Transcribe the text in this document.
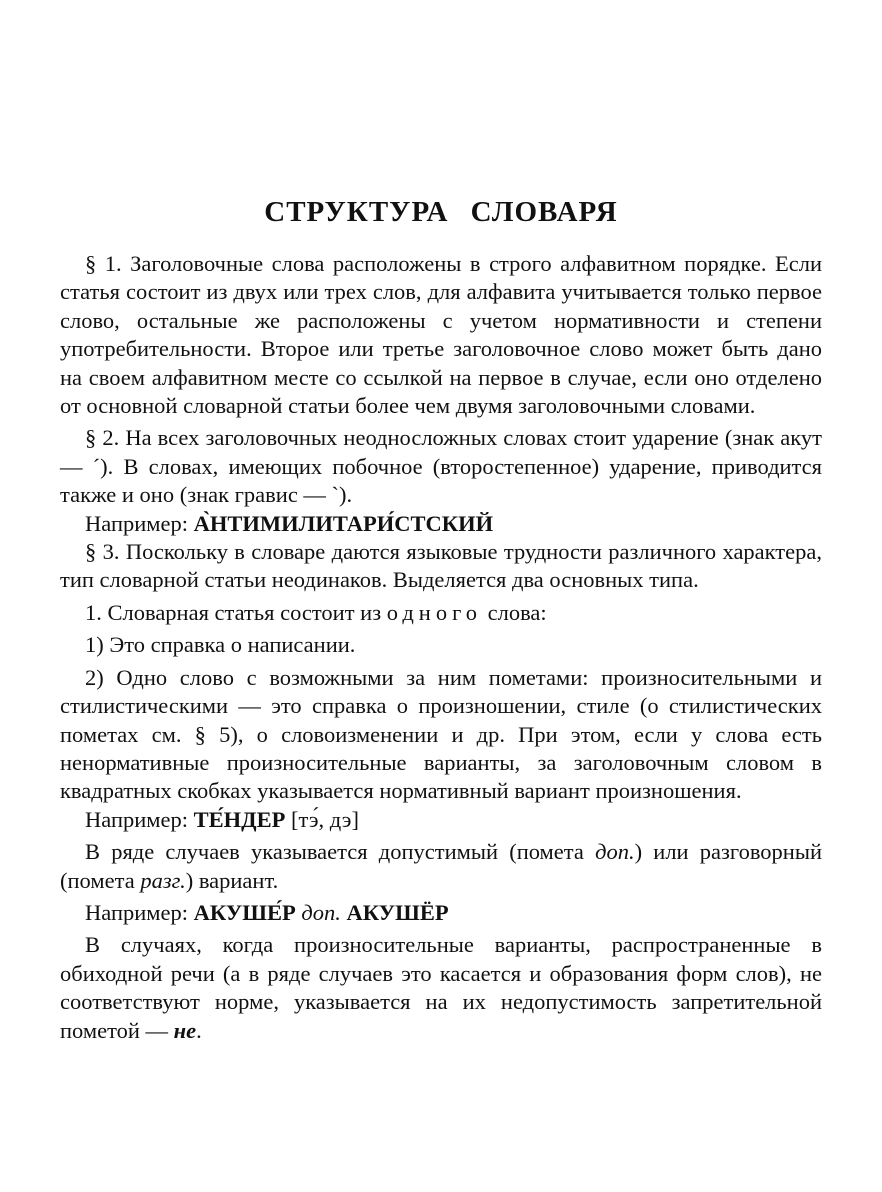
СТРУКТУРА СЛОВАРЯ

§ 1. Заголовочные слова расположены в строго алфавитном порядке. Если статья состоит из двух или трех слов, для алфавита учитывается только первое слово, остальные же расположены с учетом нормативности и степени употребительности. Второе или третье заголовочное слово может быть дано на своем алфавитном месте со ссылкой на первое в случае, если оно отделено от основной словарной статьи более чем двумя заголовочными словами.

§ 2. На всех заголовочных неодносложных словах стоит ударение (знак акут — ´). В словах, имеющих побочное (второстепенное) ударение, приводится также и оно (знак гравис — `).

Например: А̀НТИМИЛИТАРИ́СТСКИЙ

§ 3. Поскольку в словаре даются языковые трудности различного характера, тип словарной статьи неодинаков. Выделяется два основных типа.

1. Словарная статья состоит из одного слова:

1) Это справка о написании.

2) Одно слово с возможными за ним пометами: произносительными и стилистическими — это справка о произношении, стиле (о стилистических пометах см. § 5), о словоизменении и др. При этом, если у слова есть ненормативные произносительные варианты, за заголовочным словом в квадратных скобках указывается нормативный вариант произношения.

Например: ТЕ́НДЕР [тэ́, дэ]

В ряде случаев указывается допустимый (помета доп.) или разговорный (помета разг.) вариант.

Например: АКУШЕ́Р доп. АКУШЁР

В случаях, когда произносительные варианты, распространенные в обиходной речи (а в ряде случаев это касается и образования форм слов), не соответствуют норме, указывается на их недопустимость запретительной пометой — не.
